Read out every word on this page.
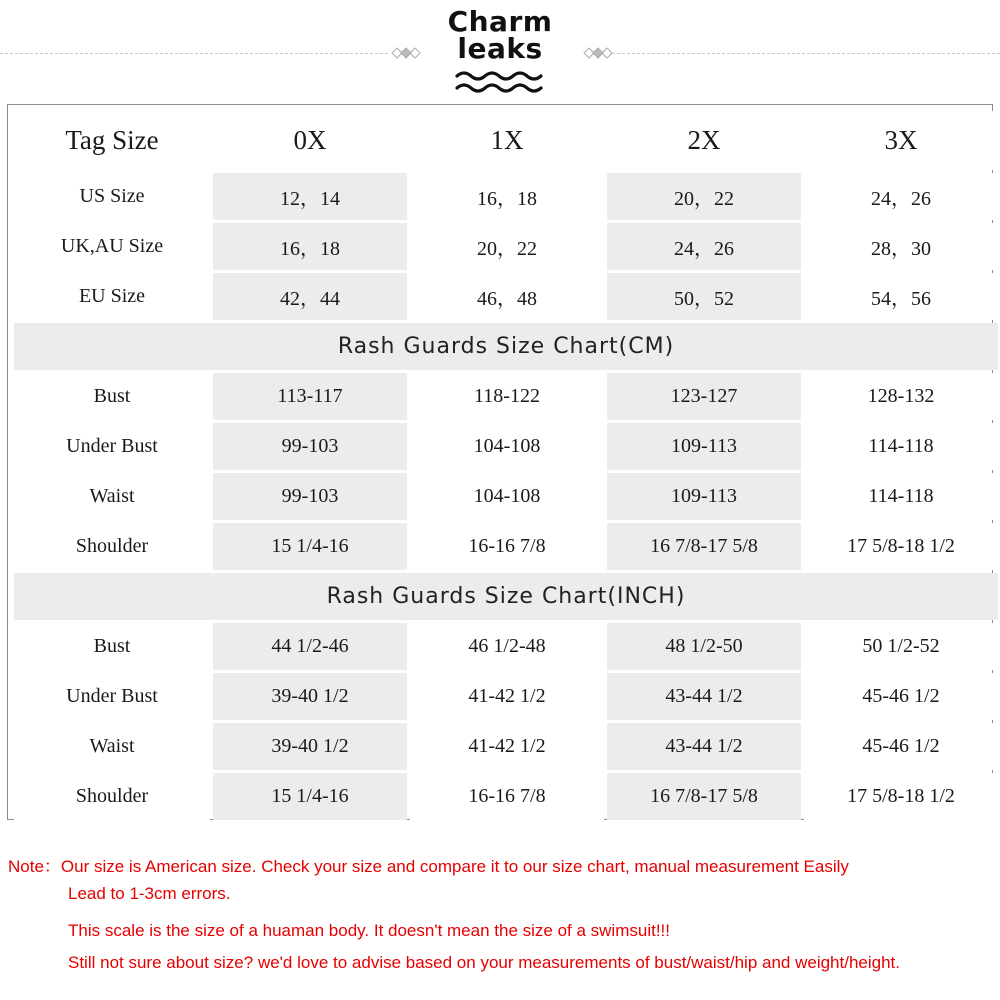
Charm
leaks
Tag Size	0X	1X	2X	3X
US Size	12，14	16，18	20，22	24，26
UK,AU Size	16，18	20，22	24，26	28，30
EU Size	42，44	46，48	50，52	54，56
Rash Guards Size Chart(CM)				
Bust	113-117	118-122	123-127	128-132
Under Bust	99-103	104-108	109-113	114-118
Waist	99-103	104-108	109-113	114-118
Shoulder	15 1/4-16	16-16 7/8	16 7/8-17 5/8	17 5/8-18 1/2
Rash Guards Size Chart(INCH)				
Bust	44 1/2-46	46 1/2-48	48 1/2-50	50 1/2-52
Under Bust	39-40 1/2	41-42 1/2	43-44 1/2	45-46 1/2
Waist	39-40 1/2	41-42 1/2	43-44 1/2	45-46 1/2
Shoulder	15 1/4-16	16-16 7/8	16 7/8-17 5/8	17 5/8-18 1/2
Note：Our size is American size. Check your size and compare it to our size chart, manual measurement Easily
Lead to 1-3cm errors.
This scale is the size of a huaman body. It doesn't mean the size of a swimsuit!!!
Still not sure about size? we'd love to advise based on your measurements of bust/waist/hip and weight/height.
